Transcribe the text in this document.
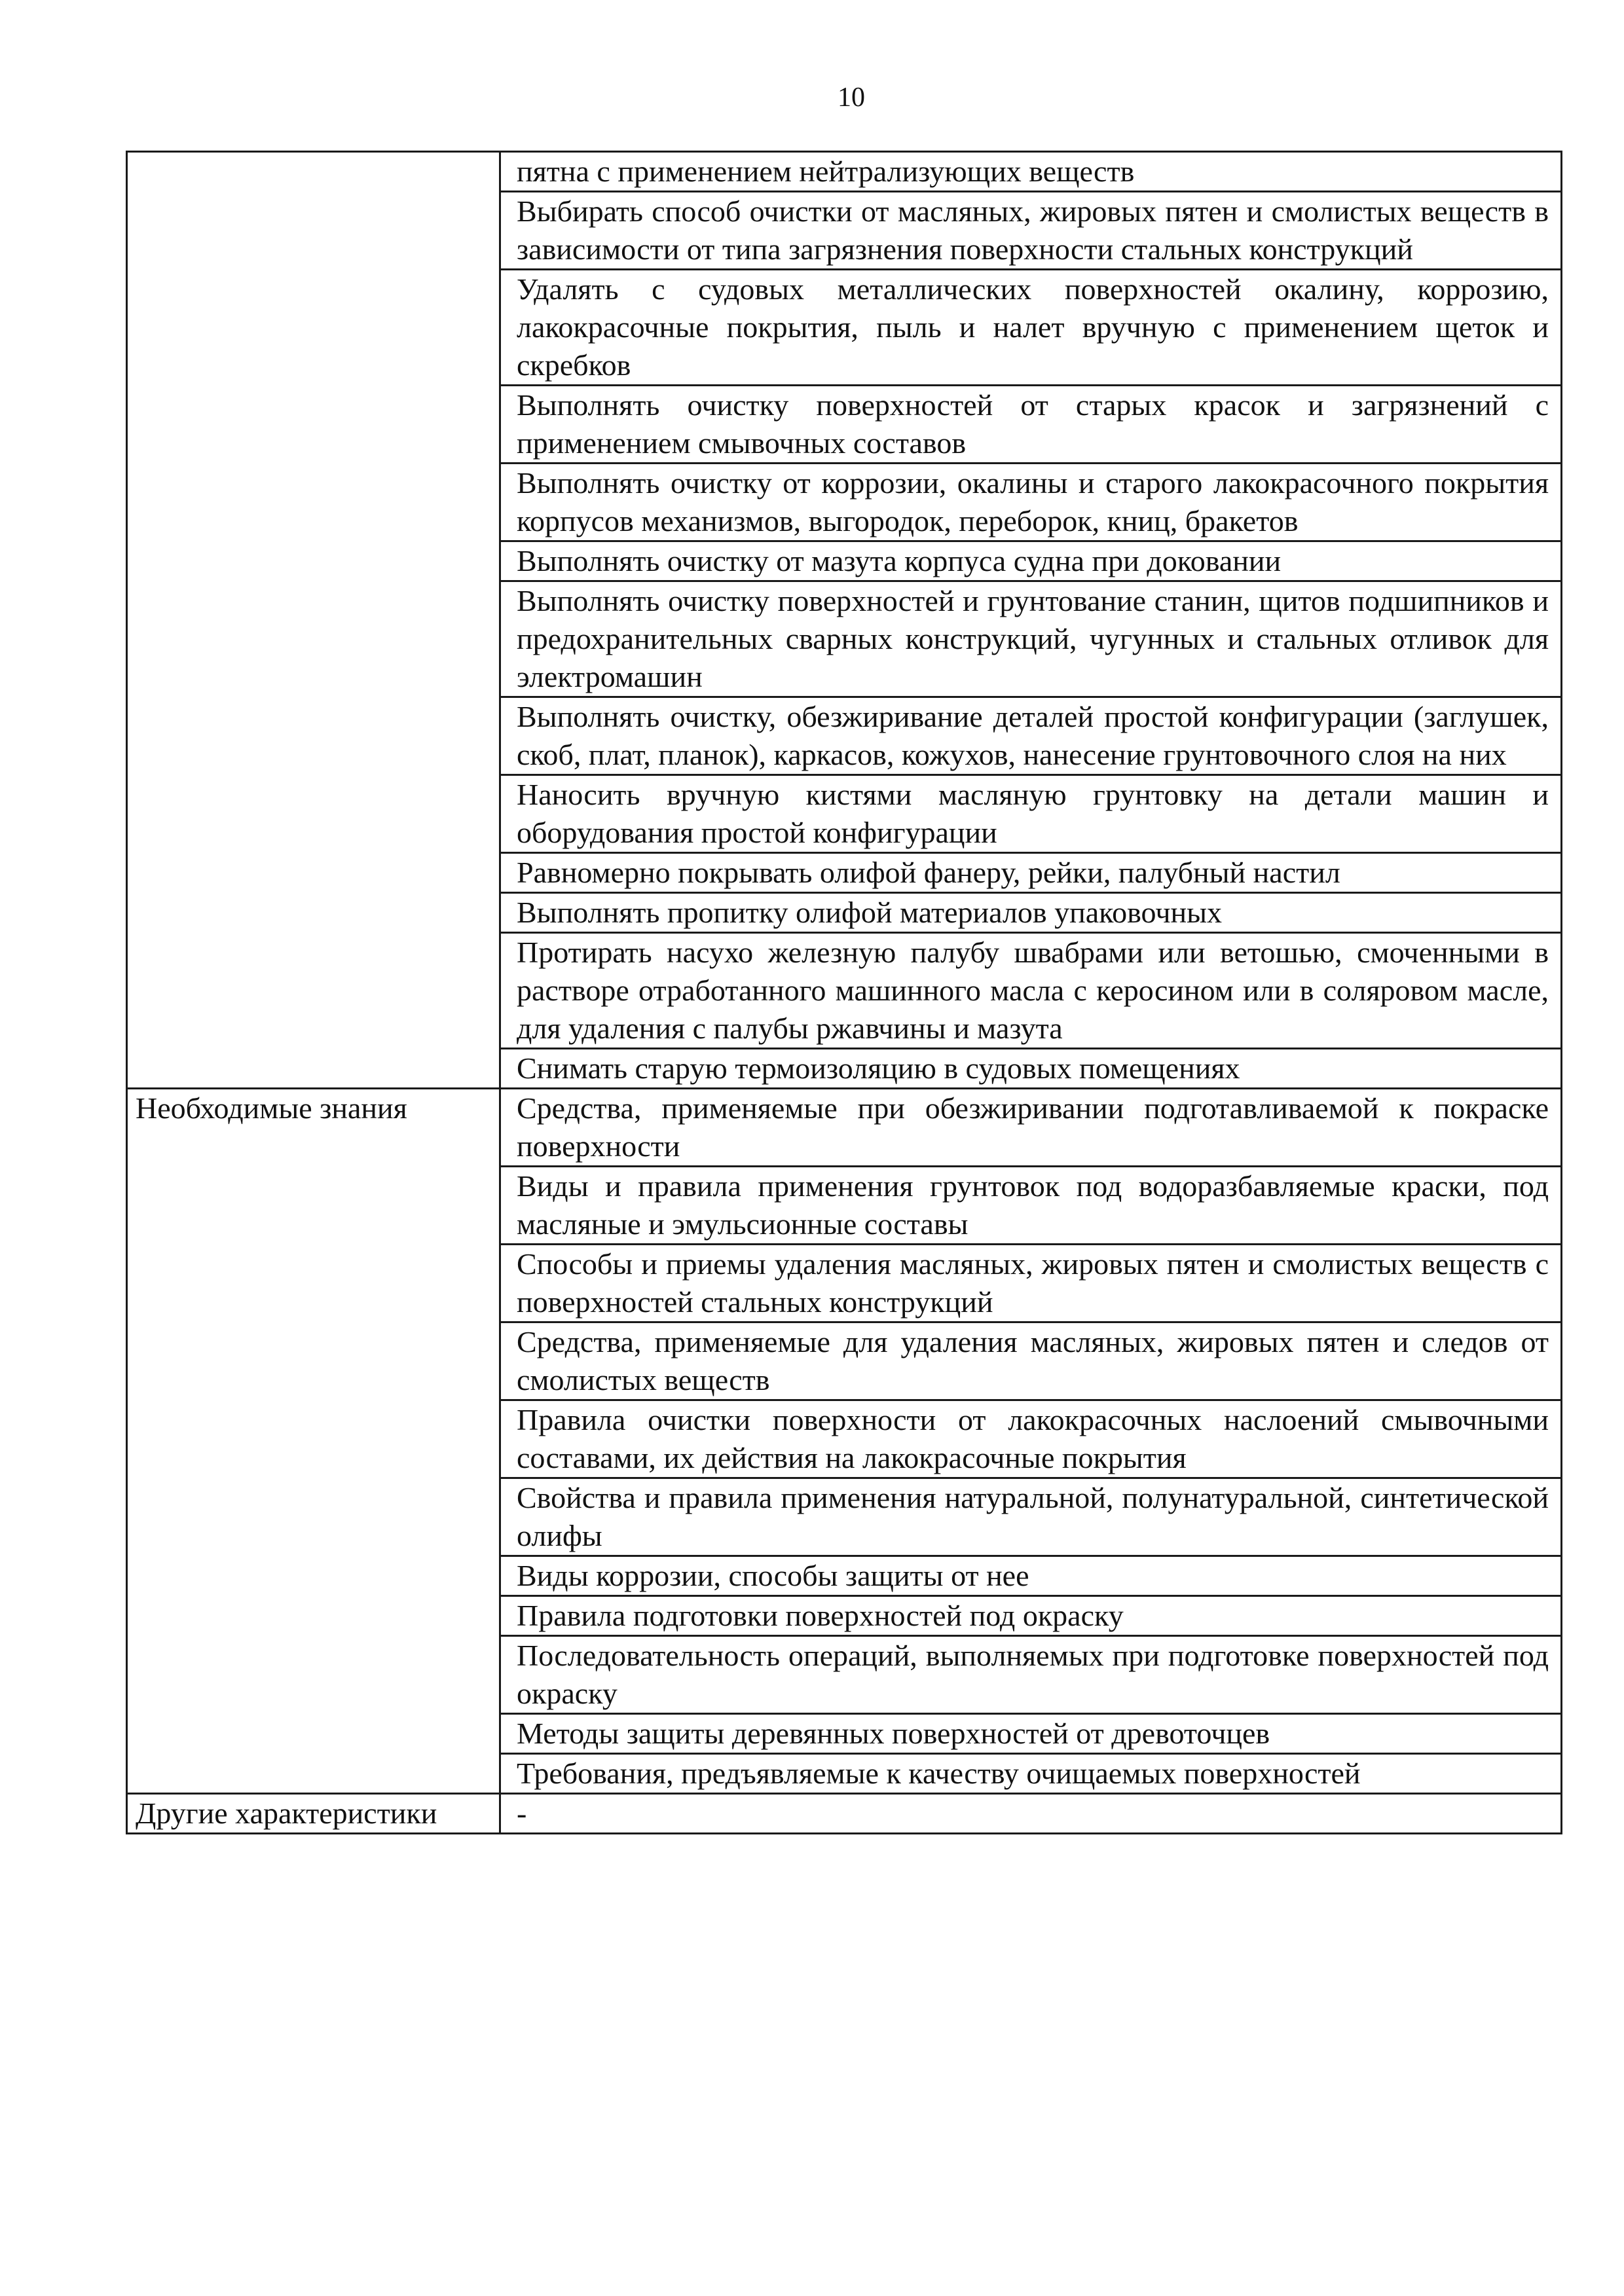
10
	пятна с применением нейтрализующих веществ
	Выбирать способ очистки от масляных, жировых пятен и смолистых веществ в зависимости от типа загрязнения поверхности стальных конструкций
	Удалять с судовых металлических поверхностей окалину, коррозию, лакокрасочные покрытия, пыль и налет вручную с применением щеток и скребков
	Выполнять очистку поверхностей от старых красок и загрязнений с применением смывочных составов
	Выполнять очистку от коррозии, окалины и старого лакокрасочного покрытия корпусов механизмов, выгородок, переборок, книц, бракетов
	Выполнять очистку от мазута корпуса судна при доковании
	Выполнять очистку поверхностей и грунтование станин, щитов подшипников и предохранительных сварных конструкций, чугунных и стальных отливок для электромашин
	Выполнять очистку, обезжиривание деталей простой конфигурации (заглушек, скоб, плат, планок), каркасов, кожухов, нанесение грунтовочного слоя на них
	Наносить вручную кистями масляную грунтовку на детали машин и оборудования простой конфигурации
	Равномерно покрывать олифой фанеру, рейки, палубный настил
	Выполнять пропитку олифой материалов упаковочных
	Протирать насухо железную палубу швабрами или ветошью, смоченными в растворе отработанного машинного масла с керосином или в соляровом масле, для удаления с палубы ржавчины и мазута
	Снимать старую термоизоляцию в судовых помещениях
Необходимые знания	Средства, применяемые при обезжиривании подготавливаемой к покраске поверхности
	Виды и правила применения грунтовок под водоразбавляемые краски, под масляные и эмульсионные составы
	Способы и приемы удаления масляных, жировых пятен и смолистых веществ с поверхностей стальных конструкций
	Средства, применяемые для удаления масляных, жировых пятен и следов от смолистых веществ
	Правила очистки поверхности от лакокрасочных наслоений смывочными составами, их действия на лакокрасочные покрытия
	Свойства и правила применения натуральной, полунатуральной, синтетической олифы
	Виды коррозии, способы защиты от нее
	Правила подготовки поверхностей под окраску
	Последовательность операций, выполняемых при подготовке поверхностей под окраску
	Методы защиты деревянных поверхностей от древоточцев
	Требования, предъявляемые к качеству очищаемых поверхностей
Другие характеристики	-
